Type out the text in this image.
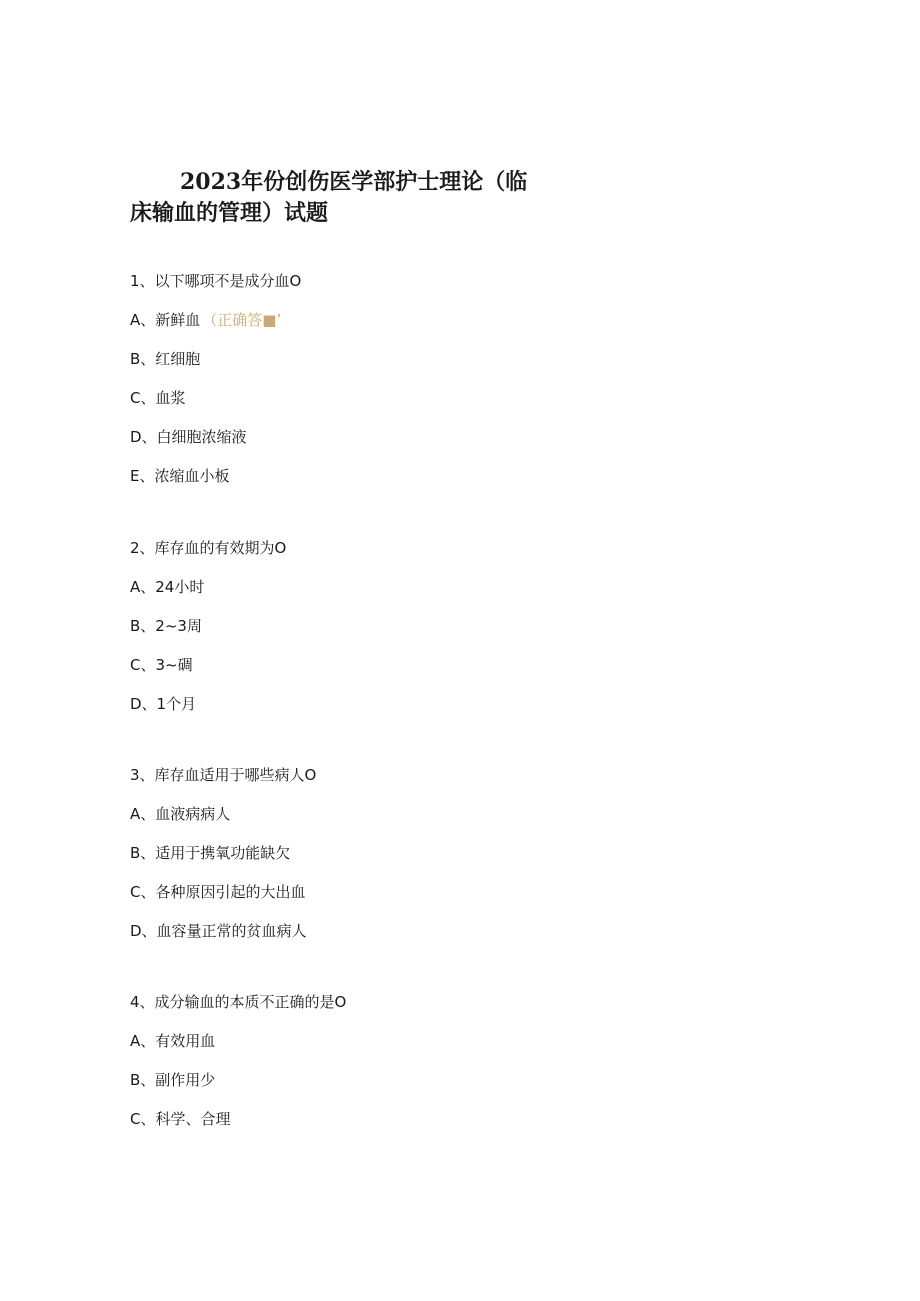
2023年份创伤医学部护士理论（临
床输血的管理）试题
1、以下哪项不是成分血O
A、新鲜血 （正确答■’
B、红细胞
C、血浆
D、白细胞浓缩液
E、浓缩血小板
2、库存血的有效期为O
A、24小时
B、2~3周
C、3~碉
D、1个月
3、库存血适用于哪些病人O
A、血液病病人
B、适用于携氧功能缺欠
C、各种原因引起的大出血
D、血容量正常的贫血病人
4、成分输血的本质不正确的是O
A、有效用血
B、副作用少
C、科学、合理
